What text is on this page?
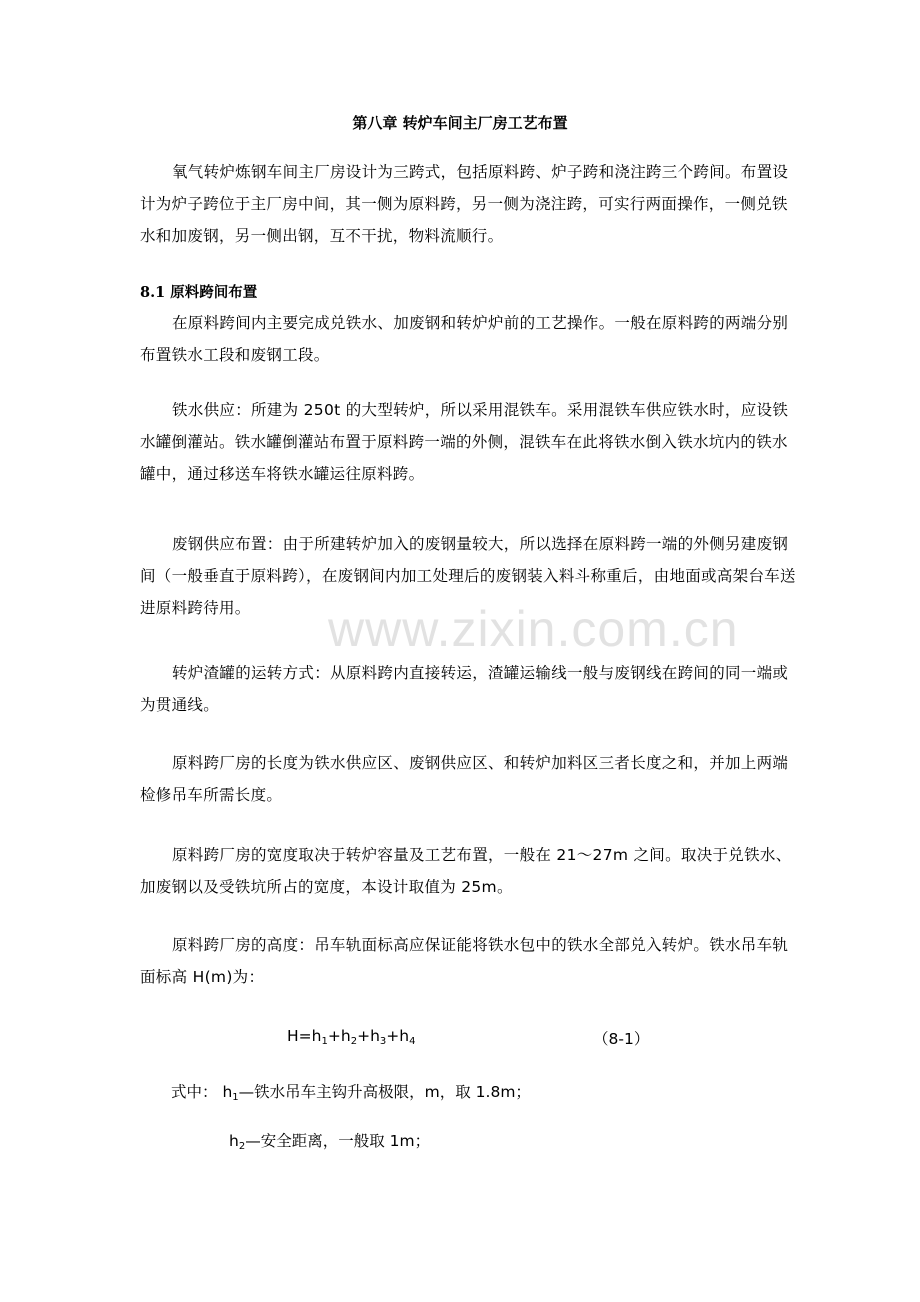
第八章 转炉车间主厂房工艺布置
氧气转炉炼钢车间主厂房设计为三跨式，包括原料跨、炉子跨和浇注跨三个跨间。布置设计为炉子跨位于主厂房中间，其一侧为原料跨，另一侧为浇注跨，可实行两面操作，一侧兑铁水和加废钢，另一侧出钢，互不干扰，物料流顺行。
8.1 原料跨间布置
在原料跨间内主要完成兑铁水、加废钢和转炉炉前的工艺操作。一般在原料跨的两端分别布置铁水工段和废钢工段。
铁水供应：所建为 250t 的大型转炉，所以采用混铁车。采用混铁车供应铁水时，应设铁水罐倒灌站。铁水罐倒灌站布置于原料跨一端的外侧，混铁车在此将铁水倒入铁水坑内的铁水罐中，通过移送车将铁水罐运往原料跨。
废钢供应布置：由于所建转炉加入的废钢量较大，所以选择在原料跨一端的外侧另建废钢间（一般垂直于原料跨），在废钢间内加工处理后的废钢装入料斗称重后，由地面或高架台车送进原料跨待用。
转炉渣罐的运转方式：从原料跨内直接转运，渣罐运输线一般与废钢线在跨间的同一端或为贯通线。
原料跨厂房的长度为铁水供应区、废钢供应区、和转炉加料区三者长度之和，并加上两端检修吊车所需长度。
原料跨厂房的宽度取决于转炉容量及工艺布置，一般在 21～27m 之间。取决于兑铁水、加废钢以及受铁坑所占的宽度，本设计取值为 25m。
原料跨厂房的高度：吊车轨面标高应保证能将铁水包中的铁水全部兑入转炉。铁水吊车轨面标高 H(m)为：
$H=h_1+h_2+h_3+h_4$	（8-1）
式中： $h_1—$铁水吊车主钩升高极限，m，取 1.8m；
$h_2—$安全距离，一般取 1m；
www.zixin.com.cn
